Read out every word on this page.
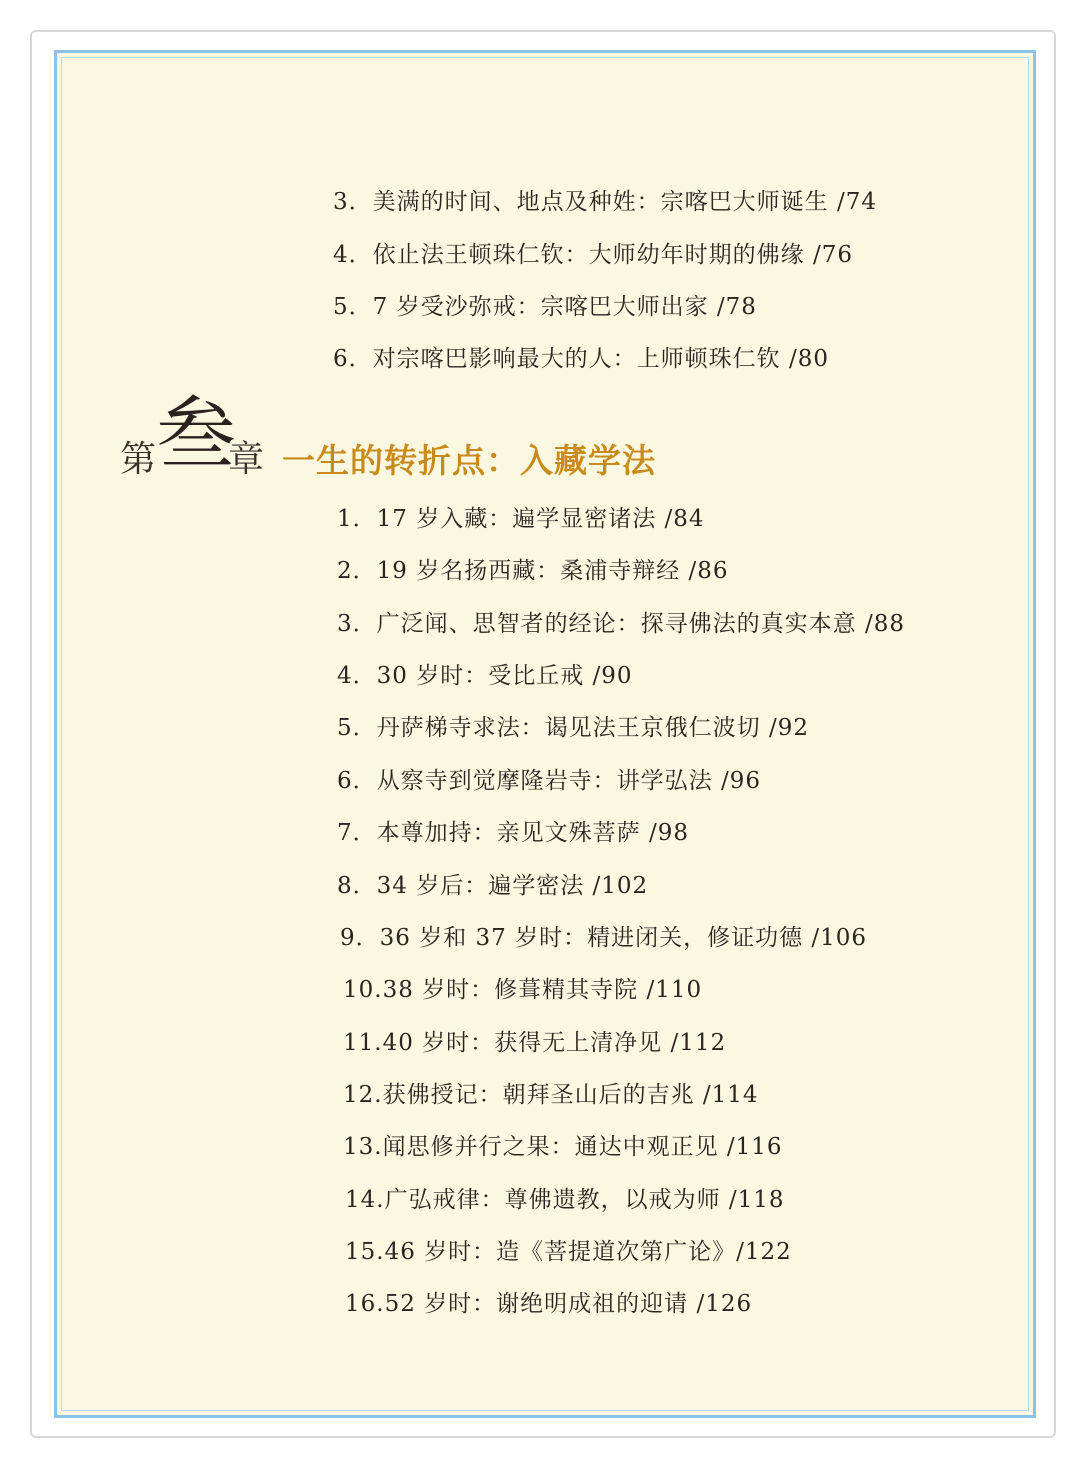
3．美满的时间、地点及种姓：宗喀巴大师诞生 /74
4．依止法王顿珠仁钦：大师幼年时期的佛缘 /76
5．7 岁受沙弥戒：宗喀巴大师出家 /78
6．对宗喀巴影响最大的人：上师顿珠仁钦 /80
第 叁
章 一生的转折点：入藏学法
1．17 岁入藏：遍学显密诸法 /84
2．19 岁名扬西藏：桑浦寺辩经 /86
3．广泛闻、思智者的经论：探寻佛法的真实本意 /88
4．30 岁时：受比丘戒 /90
5．丹萨梯寺求法：谒见法王京俄仁波切 /92
6．从察寺到觉摩隆岩寺：讲学弘法 /96
7．本尊加持：亲见文殊菩萨 /98
8．34 岁后：遍学密法 /102
9．36 岁和 37 岁时：精进闭关，修证功德 /106
10.38 岁时：修葺精其寺院 /110
11.40 岁时：获得无上清净见 /112
12.获佛授记：朝拜圣山后的吉兆 /114
13.闻思修并行之果：通达中观正见 /116
14.广弘戒律：尊佛遗教，以戒为师 /118
15.46 岁时：造《菩提道次第广论》/122
16.52 岁时：谢绝明成祖的迎请 /126
